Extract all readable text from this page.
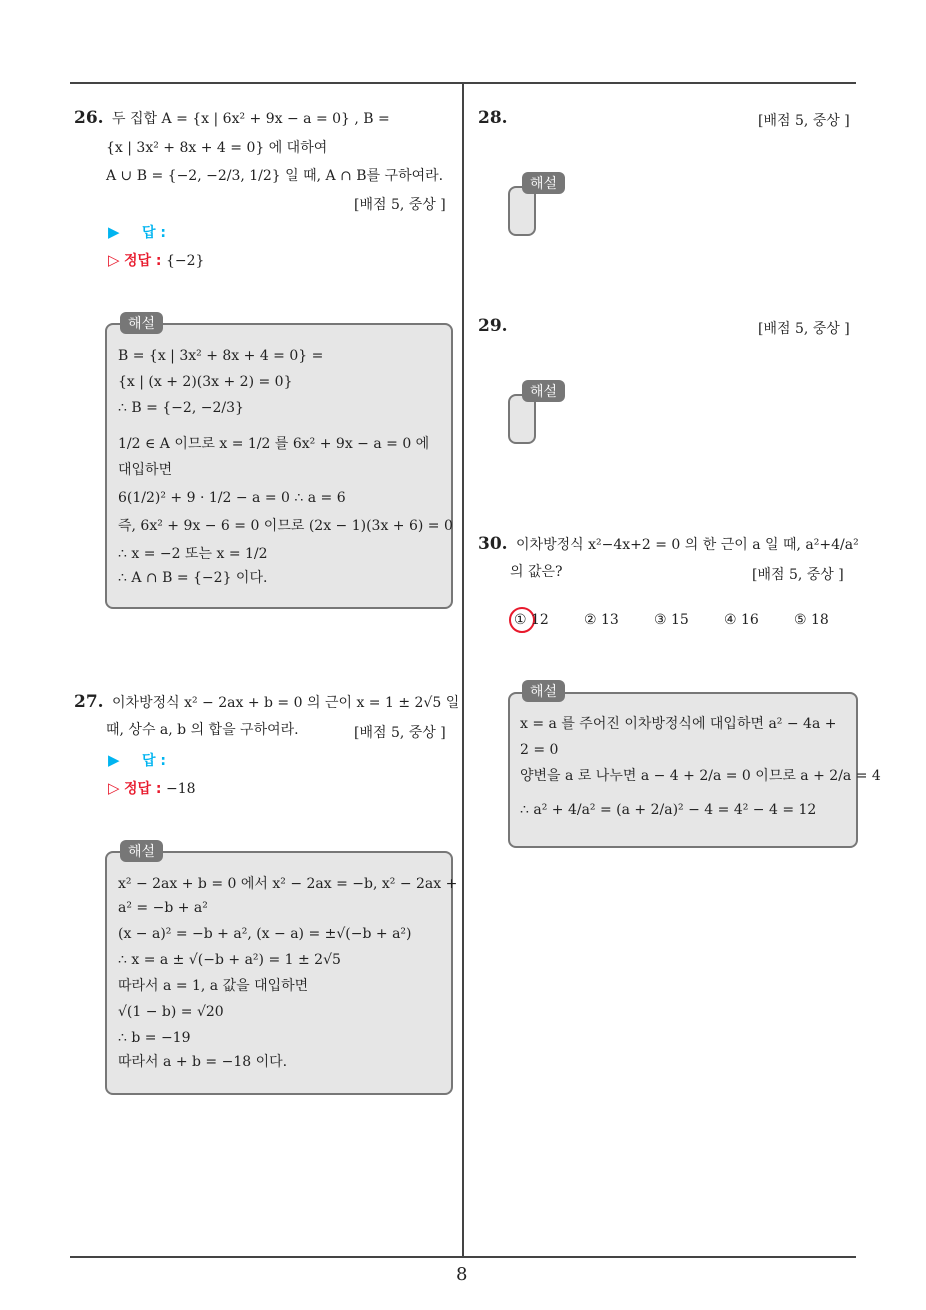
8
26. 두 집합 A = {x | 6x² + 9x − a = 0} , B =
{x | 3x² + 8x + 4 = 0} 에 대하여
A ∪ B = {−2, −2/3, 1/2} 일 때, A ∩ B를 구하여라.
[배점 5, 중상 ]
▶ 답 :
▷ 정답 : {−2}
해설
B = {x | 3x² + 8x + 4 = 0} =
{x | (x + 2)(3x + 2) = 0}
∴ B = {−2, −2/3}
1/2 ∈ A 이므로 x = 1/2 를 6x² + 9x − a = 0 에
대입하면
6(1/2)² + 9 · 1/2 − a = 0 ∴ a = 6
즉, 6x² + 9x − 6 = 0 이므로 (2x − 1)(3x + 6) = 0
∴ x = −2 또는 x = 1/2
∴ A ∩ B = {−2} 이다.
27. 이차방정식 x² − 2ax + b = 0 의 근이 x = 1 ± 2√5 일
때, 상수 a, b 의 합을 구하여라.	[배점 5, 중상 ]
▶ 답 :
▷ 정답 : −18
해설
x² − 2ax + b = 0 에서 x² − 2ax = −b, x² − 2ax +
a² = −b + a²
(x − a)² = −b + a², (x − a) = ±√(−b + a²)
∴ x = a ± √(−b + a²) = 1 ± 2√5
따라서 a = 1, a 값을 대입하면
√(1 − b) = √20
∴ b = −19
따라서 a + b = −18 이다.
28.	[배점 5, 중상 ]
해설
29.	[배점 5, 중상 ]
해설
30. 이차방정식 x²−4x+2 = 0 의 한 근이 a 일 때, a²+4/a²
의 값은?	[배점 5, 중상 ]
① 12	② 13	③ 15	④ 16	⑤ 18
해설
x = a 를 주어진 이차방정식에 대입하면 a² − 4a +
2 = 0
양변을 a 로 나누면 a − 4 + 2/a = 0 이므로 a + 2/a = 4
∴ a² + 4/a² = (a + 2/a)² − 4 = 4² − 4 = 12
